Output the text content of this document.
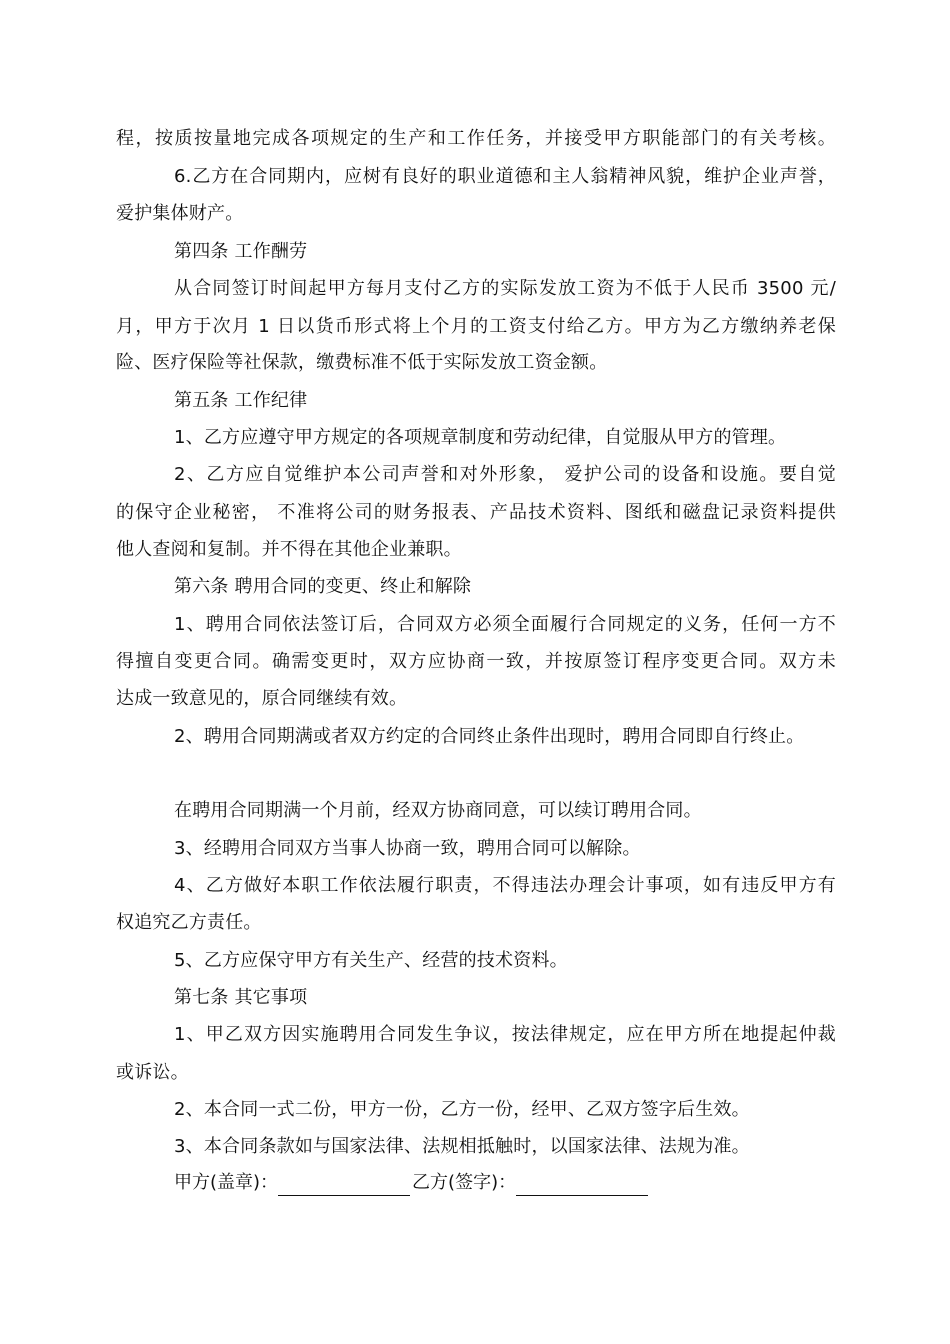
程，按质按量地完成各项规定的生产和工作任务，并接受甲方职能部门的有关考核。
6.乙方在合同期内，应树有良好的职业道德和主人翁精神风貌，维护企业声誉，
爱护集体财产。
第四条 工作酬劳
从合同签订时间起甲方每月支付乙方的实际发放工资为不低于人民币 3500 元/
月，甲方于次月 1 日以货币形式将上个月的工资支付给乙方。甲方为乙方缴纳养老保
险、医疗保险等社保款，缴费标准不低于实际发放工资金额。
第五条 工作纪律
1、乙方应遵守甲方规定的各项规章制度和劳动纪律，自觉服从甲方的管理。
2、乙方应自觉维护本公司声誉和对外形象， 爱护公司的设备和设施。要自觉
的保守企业秘密， 不准将公司的财务报表、产品技术资料、图纸和磁盘记录资料提供
他人查阅和复制。并不得在其他企业兼职。
第六条 聘用合同的变更、终止和解除
1、聘用合同依法签订后，合同双方必须全面履行合同规定的义务，任何一方不
得擅自变更合同。确需变更时，双方应协商一致，并按原签订程序变更合同。双方未
达成一致意见的，原合同继续有效。
2、聘用合同期满或者双方约定的合同终止条件出现时，聘用合同即自行终止。
在聘用合同期满一个月前，经双方协商同意，可以续订聘用合同。
3、经聘用合同双方当事人协商一致，聘用合同可以解除。
4、乙方做好本职工作依法履行职责，不得违法办理会计事项，如有违反甲方有
权追究乙方责任。
5、乙方应保守甲方有关生产、经营的技术资料。
第七条 其它事项
1、甲乙双方因实施聘用合同发生争议，按法律规定，应在甲方所在地提起仲裁
或诉讼。
2、本合同一式二份，甲方一份，乙方一份，经甲、乙双方签字后生效。
3、本合同条款如与国家法律、法规相抵触时，以国家法律、法规为准。
甲方(盖章)：	乙方(签字)：
